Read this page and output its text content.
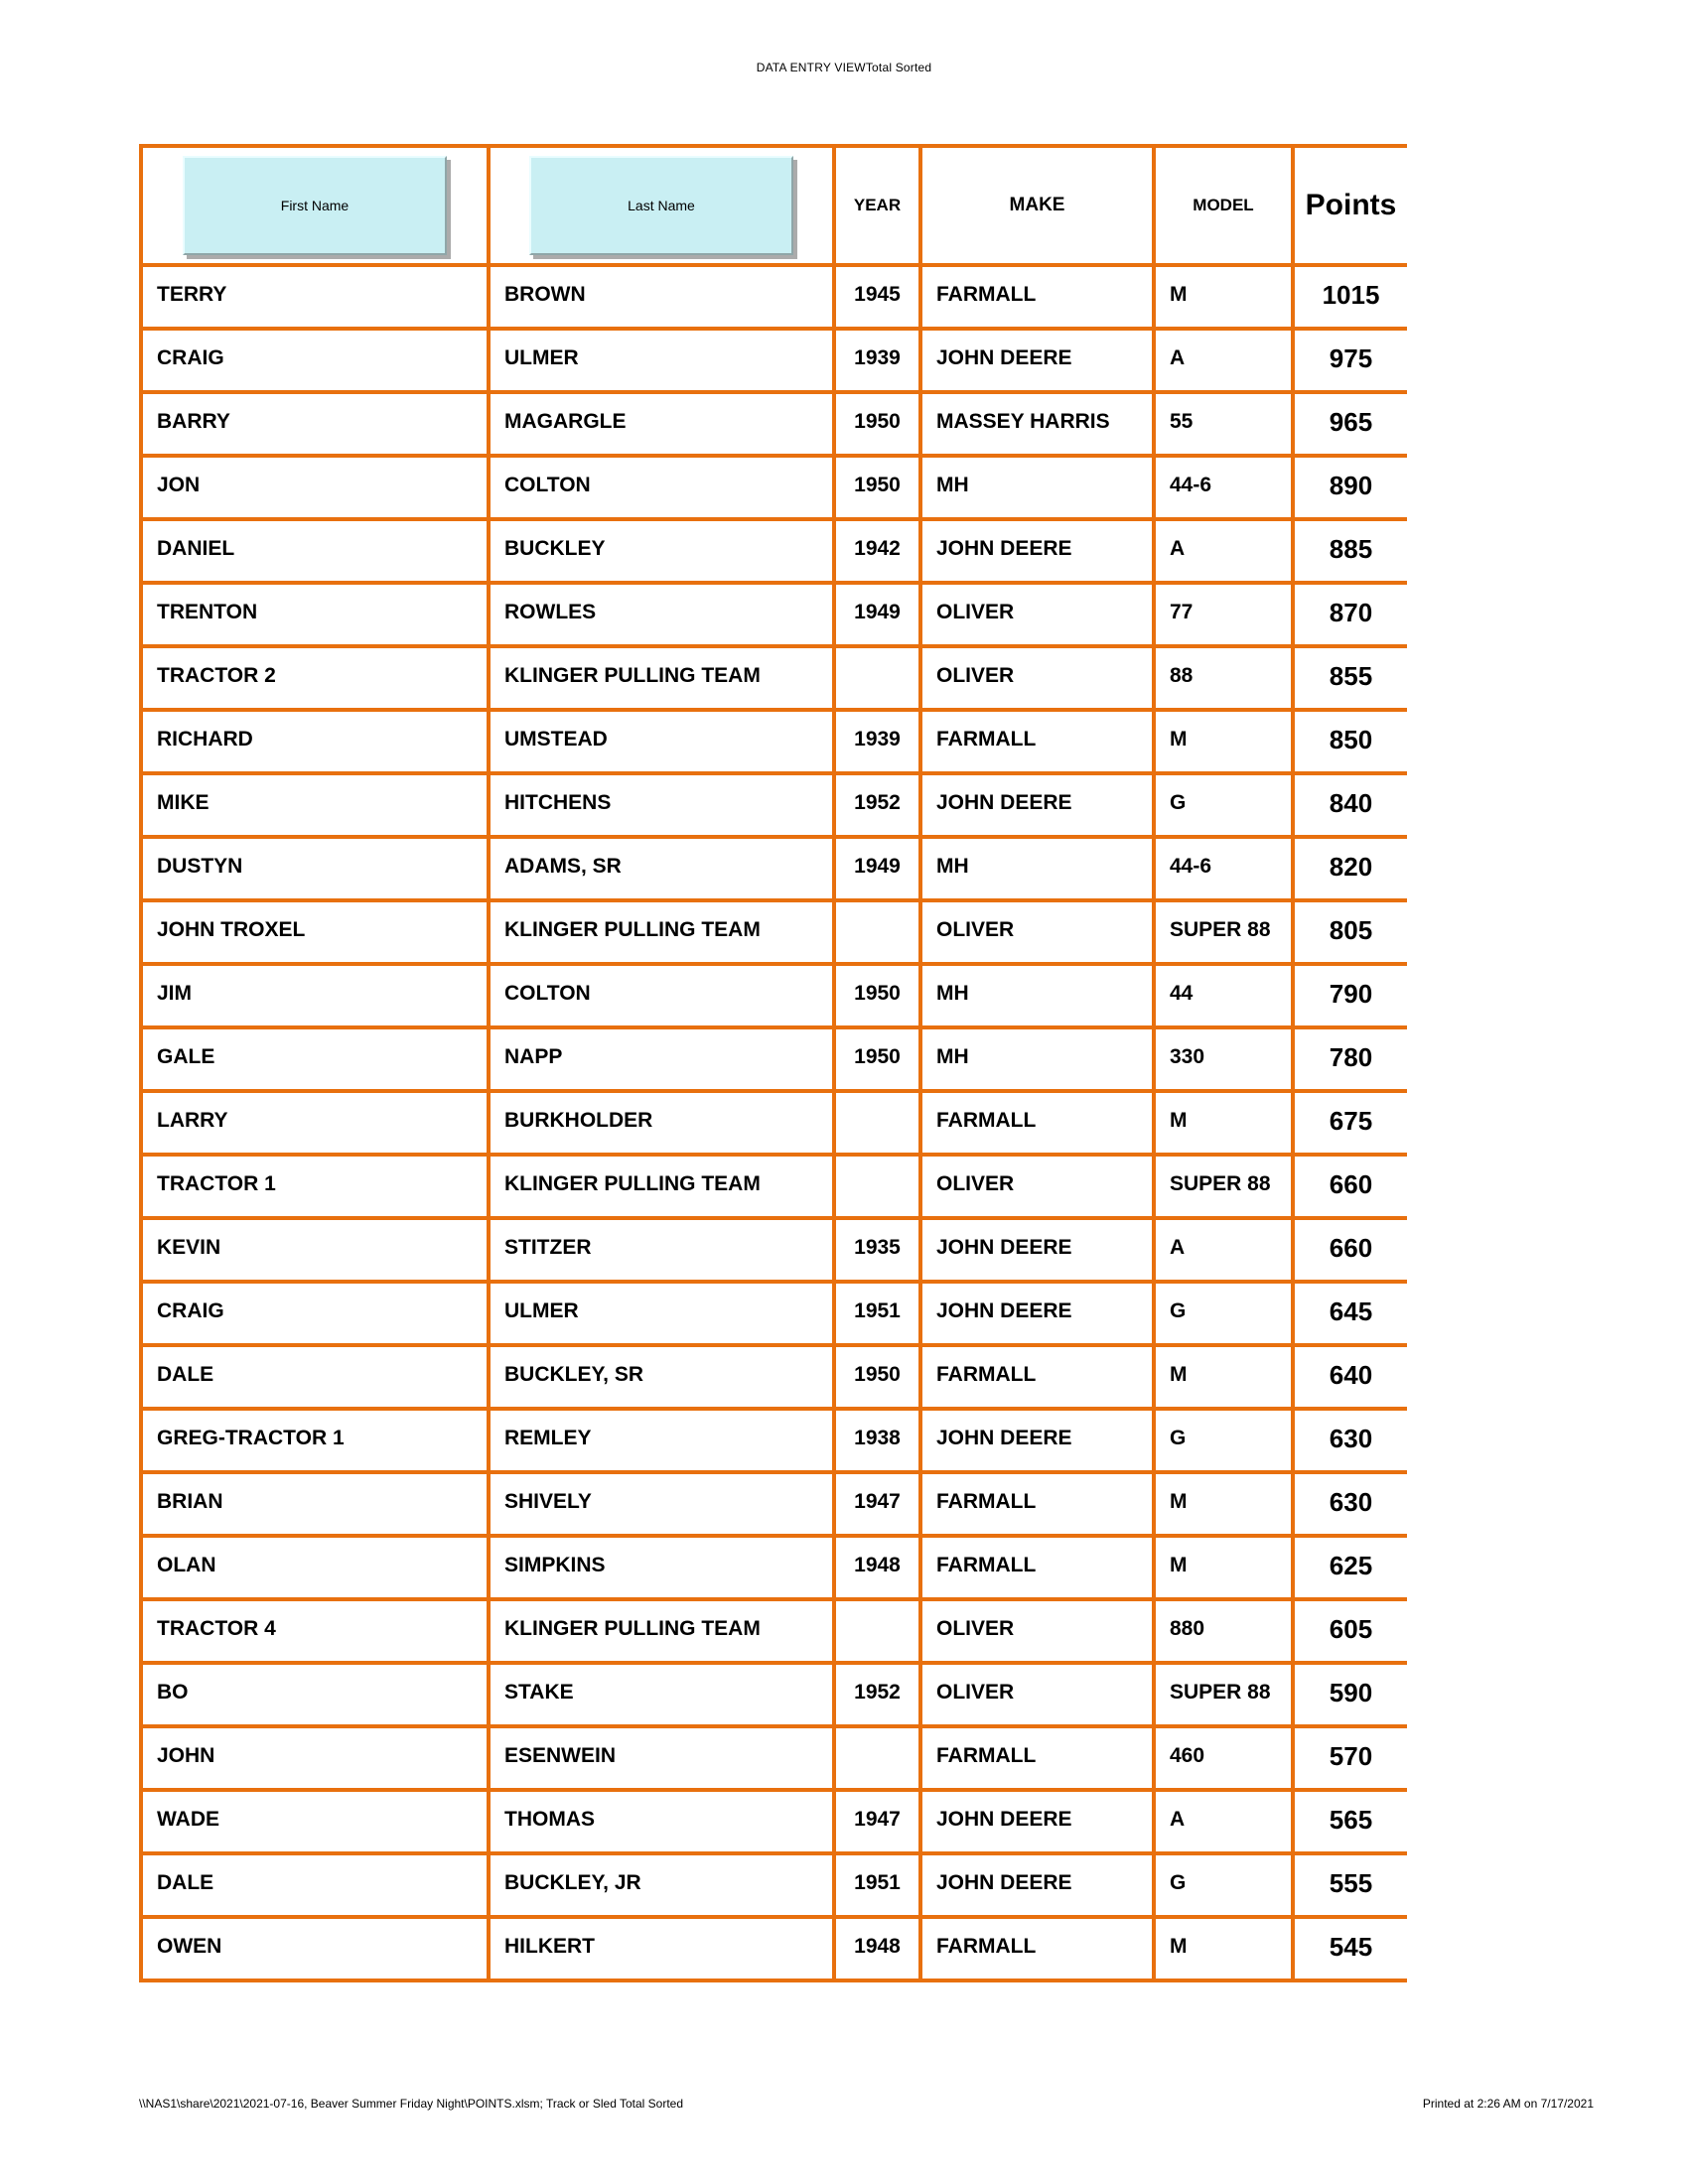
DATA ENTRY VIEWTotal Sorted
First Name	Last Name	YEAR	MAKE	MODEL	Points
TERRY	BROWN	1945	FARMALL	M	1015
CRAIG	ULMER	1939	JOHN DEERE	A	975
BARRY	MAGARGLE	1950	MASSEY HARRIS	55	965
JON	COLTON	1950	MH	44-6	890
DANIEL	BUCKLEY	1942	JOHN DEERE	A	885
TRENTON	ROWLES	1949	OLIVER	77	870
TRACTOR 2	KLINGER PULLING TEAM		OLIVER	88	855
RICHARD	UMSTEAD	1939	FARMALL	M	850
MIKE	HITCHENS	1952	JOHN DEERE	G	840
DUSTYN	ADAMS, SR	1949	MH	44-6	820
JOHN TROXEL	KLINGER PULLING TEAM		OLIVER	SUPER 88	805
JIM	COLTON	1950	MH	44	790
GALE	NAPP	1950	MH	330	780
LARRY	BURKHOLDER		FARMALL	M	675
TRACTOR 1	KLINGER PULLING TEAM		OLIVER	SUPER 88	660
KEVIN	STITZER	1935	JOHN DEERE	A	660
CRAIG	ULMER	1951	JOHN DEERE	G	645
DALE	BUCKLEY, SR	1950	FARMALL	M	640
GREG-TRACTOR 1	REMLEY	1938	JOHN DEERE	G	630
BRIAN	SHIVELY	1947	FARMALL	M	630
OLAN	SIMPKINS	1948	FARMALL	M	625
TRACTOR 4	KLINGER PULLING TEAM		OLIVER	880	605
BO	STAKE	1952	OLIVER	SUPER 88	590
JOHN	ESENWEIN		FARMALL	460	570
WADE	THOMAS	1947	JOHN DEERE	A	565
DALE	BUCKLEY, JR	1951	JOHN DEERE	G	555
OWEN	HILKERT	1948	FARMALL	M	545
\\NAS1\share\2021\2021-07-16, Beaver Summer Friday Night\POINTS.xlsm; Track or Sled Total Sorted	Printed at 2:26 AM on 7/17/2021
